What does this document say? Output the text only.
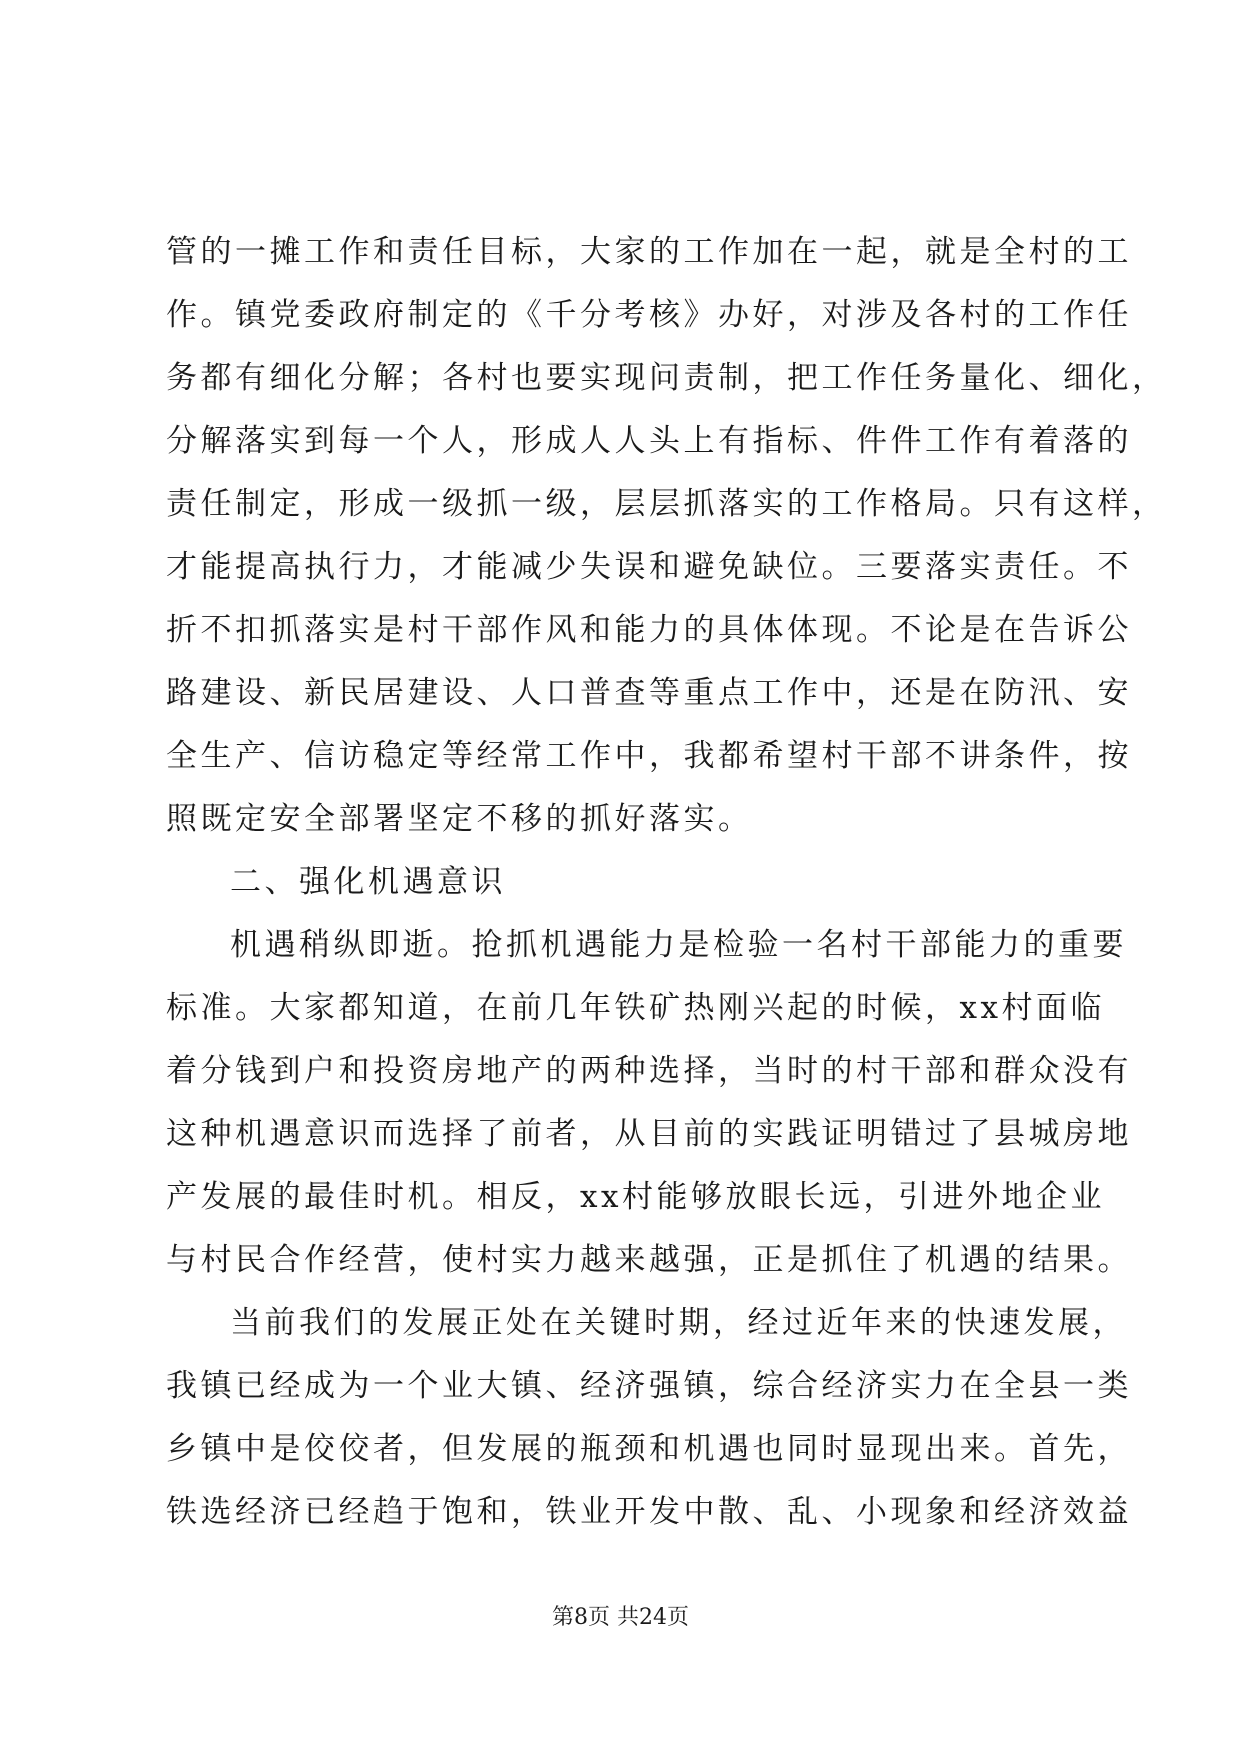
管的一摊工作和责任目标，大家的工作加在一起，就是全村的工
作。镇党委政府制定的《千分考核》办好，对涉及各村的工作任
务都有细化分解；各村也要实现问责制，把工作任务量化、细化，
分解落实到每一个人，形成人人头上有指标、件件工作有着落的
责任制定，形成一级抓一级，层层抓落实的工作格局。只有这样，
才能提高执行力，才能减少失误和避免缺位。三要落实责任。不
折不扣抓落实是村干部作风和能力的具体体现。不论是在告诉公
路建设、新民居建设、人口普查等重点工作中，还是在防汛、安
全生产、信访稳定等经常工作中，我都希望村干部不讲条件，按
照既定安全部署坚定不移的抓好落实。
二、强化机遇意识
机遇稍纵即逝。抢抓机遇能力是检验一名村干部能力的重要
标准。大家都知道，在前几年铁矿热刚兴起的时候，xx村面临
着分钱到户和投资房地产的两种选择，当时的村干部和群众没有
这种机遇意识而选择了前者，从目前的实践证明错过了县城房地
产发展的最佳时机。相反，xx村能够放眼长远，引进外地企业
与村民合作经营，使村实力越来越强，正是抓住了机遇的结果。
当前我们的发展正处在关键时期，经过近年来的快速发展，
我镇已经成为一个业大镇、经济强镇，综合经济实力在全县一类
乡镇中是佼佼者，但发展的瓶颈和机遇也同时显现出来。首先，
铁选经济已经趋于饱和，铁业开发中散、乱、小现象和经济效益
第8页 共24页
